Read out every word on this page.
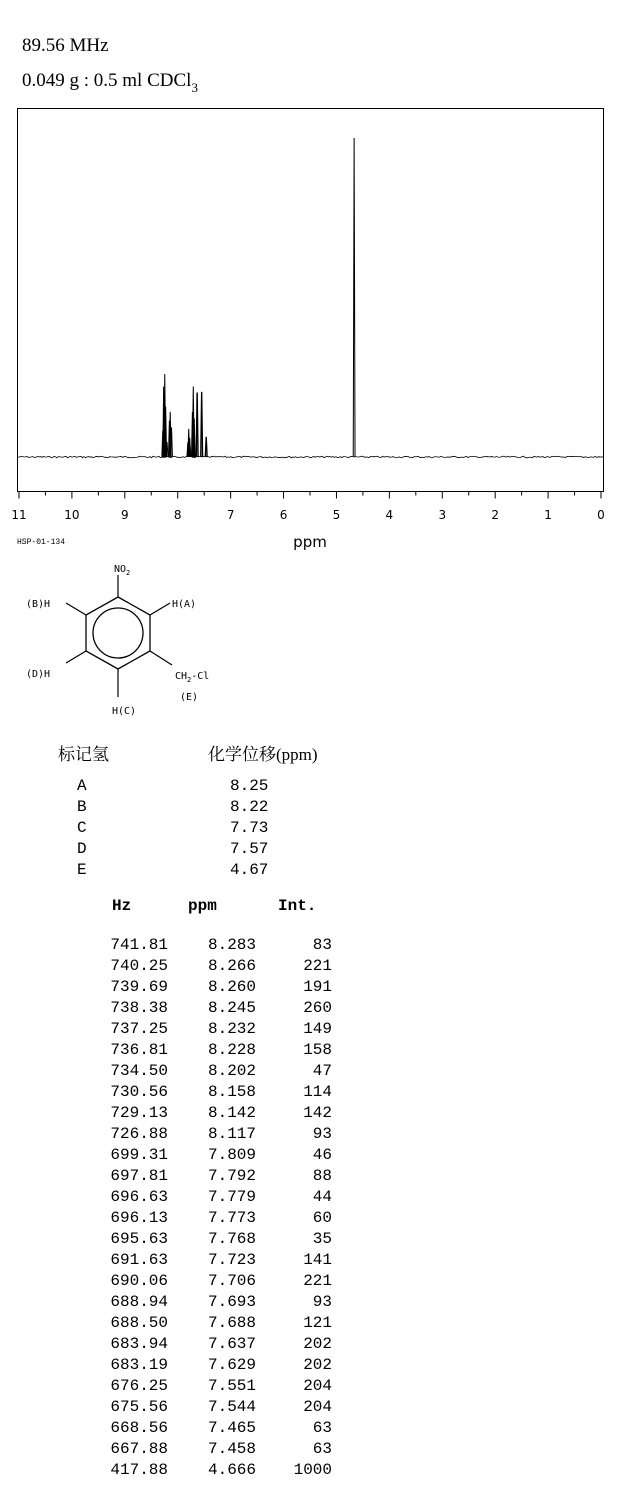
89.56 MHz
0.049 g : 0.5 ml CDCl$_3$
11	10	9	8	7	6	5	4	3	2	1	0
ppm
HSP-01-134
$NO_2$
(B)H	H(A)
(D)H	$CH_2-Cl$
(E)
H(C)
标记氢	化学位移(ppm)
A	8.25
B	8.22
C	7.73
D	7.57
E	4.67
Hz	ppm	Int.
741.81 8.283	83
740.25 8.266	221
739.69 8.260	191
738.38 8.245	260
737.25 8.232	149
736.81 8.228	158
734.50 8.202	47
730.56 8.158	114
729.13 8.142	142
726.88 8.117	93
699.31 7.809	46
697.81 7.792	88
696.63 7.779	44
696.13 7.773	60
695.63 7.768	35
691.63 7.723	141
690.06 7.706	221
688.94 7.693	93
688.50 7.688	121
683.94 7.637	202
683.19 7.629	202
676.25 7.551	204
675.56 7.544	204
668.56 7.465	63
667.88 7.458	63
417.88 4.666 1000
